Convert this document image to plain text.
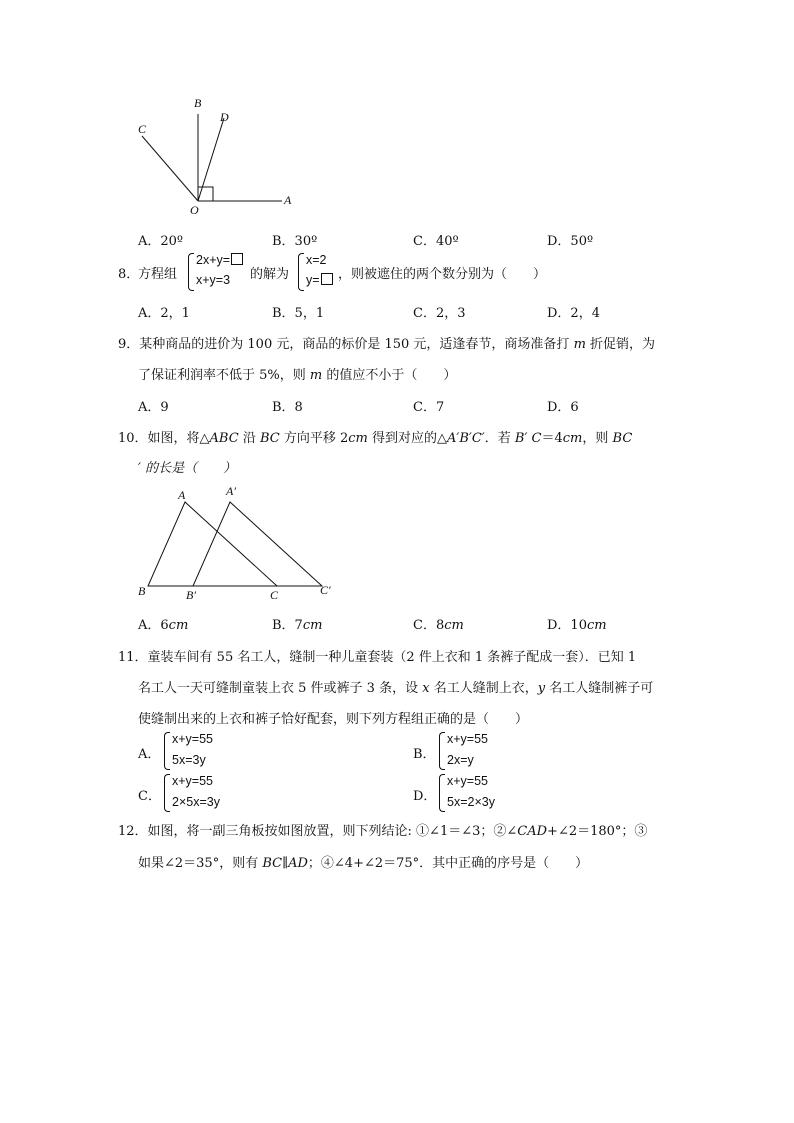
B
D
C
O
A
A．20º	B．30º	C．40º	D．50º
8．
方程组
2x+y=
x+y=3 的解为
x=2
y=	，则被遮住的两个数分别为（　　）
A．2，1	B．5，1	C．2，3	D．2，4
9．某种商品的进价为 100 元，商品的标价是 150 元，适逢春节，商场准备打 m 折促销，为
了保证利润率不低于 5%，则 m 的值应不小于（　　）
A．9	B．8	C．7	D．6
10．如图，将△ABC 沿 BC 方向平移 2cm 得到对应的△A′B′C′．若 B′ C＝4cm，则 BC
′ 的长是（　　）
A	A′
B	B′	C	C′
A．6cm	B．7cm	C．8cm	D．10cm
11．童装车间有 55 名工人，缝制一种儿童套装（2 件上衣和 1 条裤子配成一套）．已知 1
名工人一天可缝制童装上衣 5 件或裤子 3 条，设 x 名工人缝制上衣，y 名工人缝制裤子可
使缝制出来的上衣和裤子恰好配套，则下列方程组正确的是（　　）
A．
x+y=55
5x=3y	B．
x+y=55
2x=y
C．
x+y=55
2×5x=3y	D．
x+y=55
5x=2×3y
12．如图，将一副三角板按如图放置，则下列结论: ①∠1＝∠3；②∠CAD+∠2＝180°；③
如果∠2＝35°，则有 BC∥AD；④∠4+∠2＝75°．其中正确的序号是（　　）
